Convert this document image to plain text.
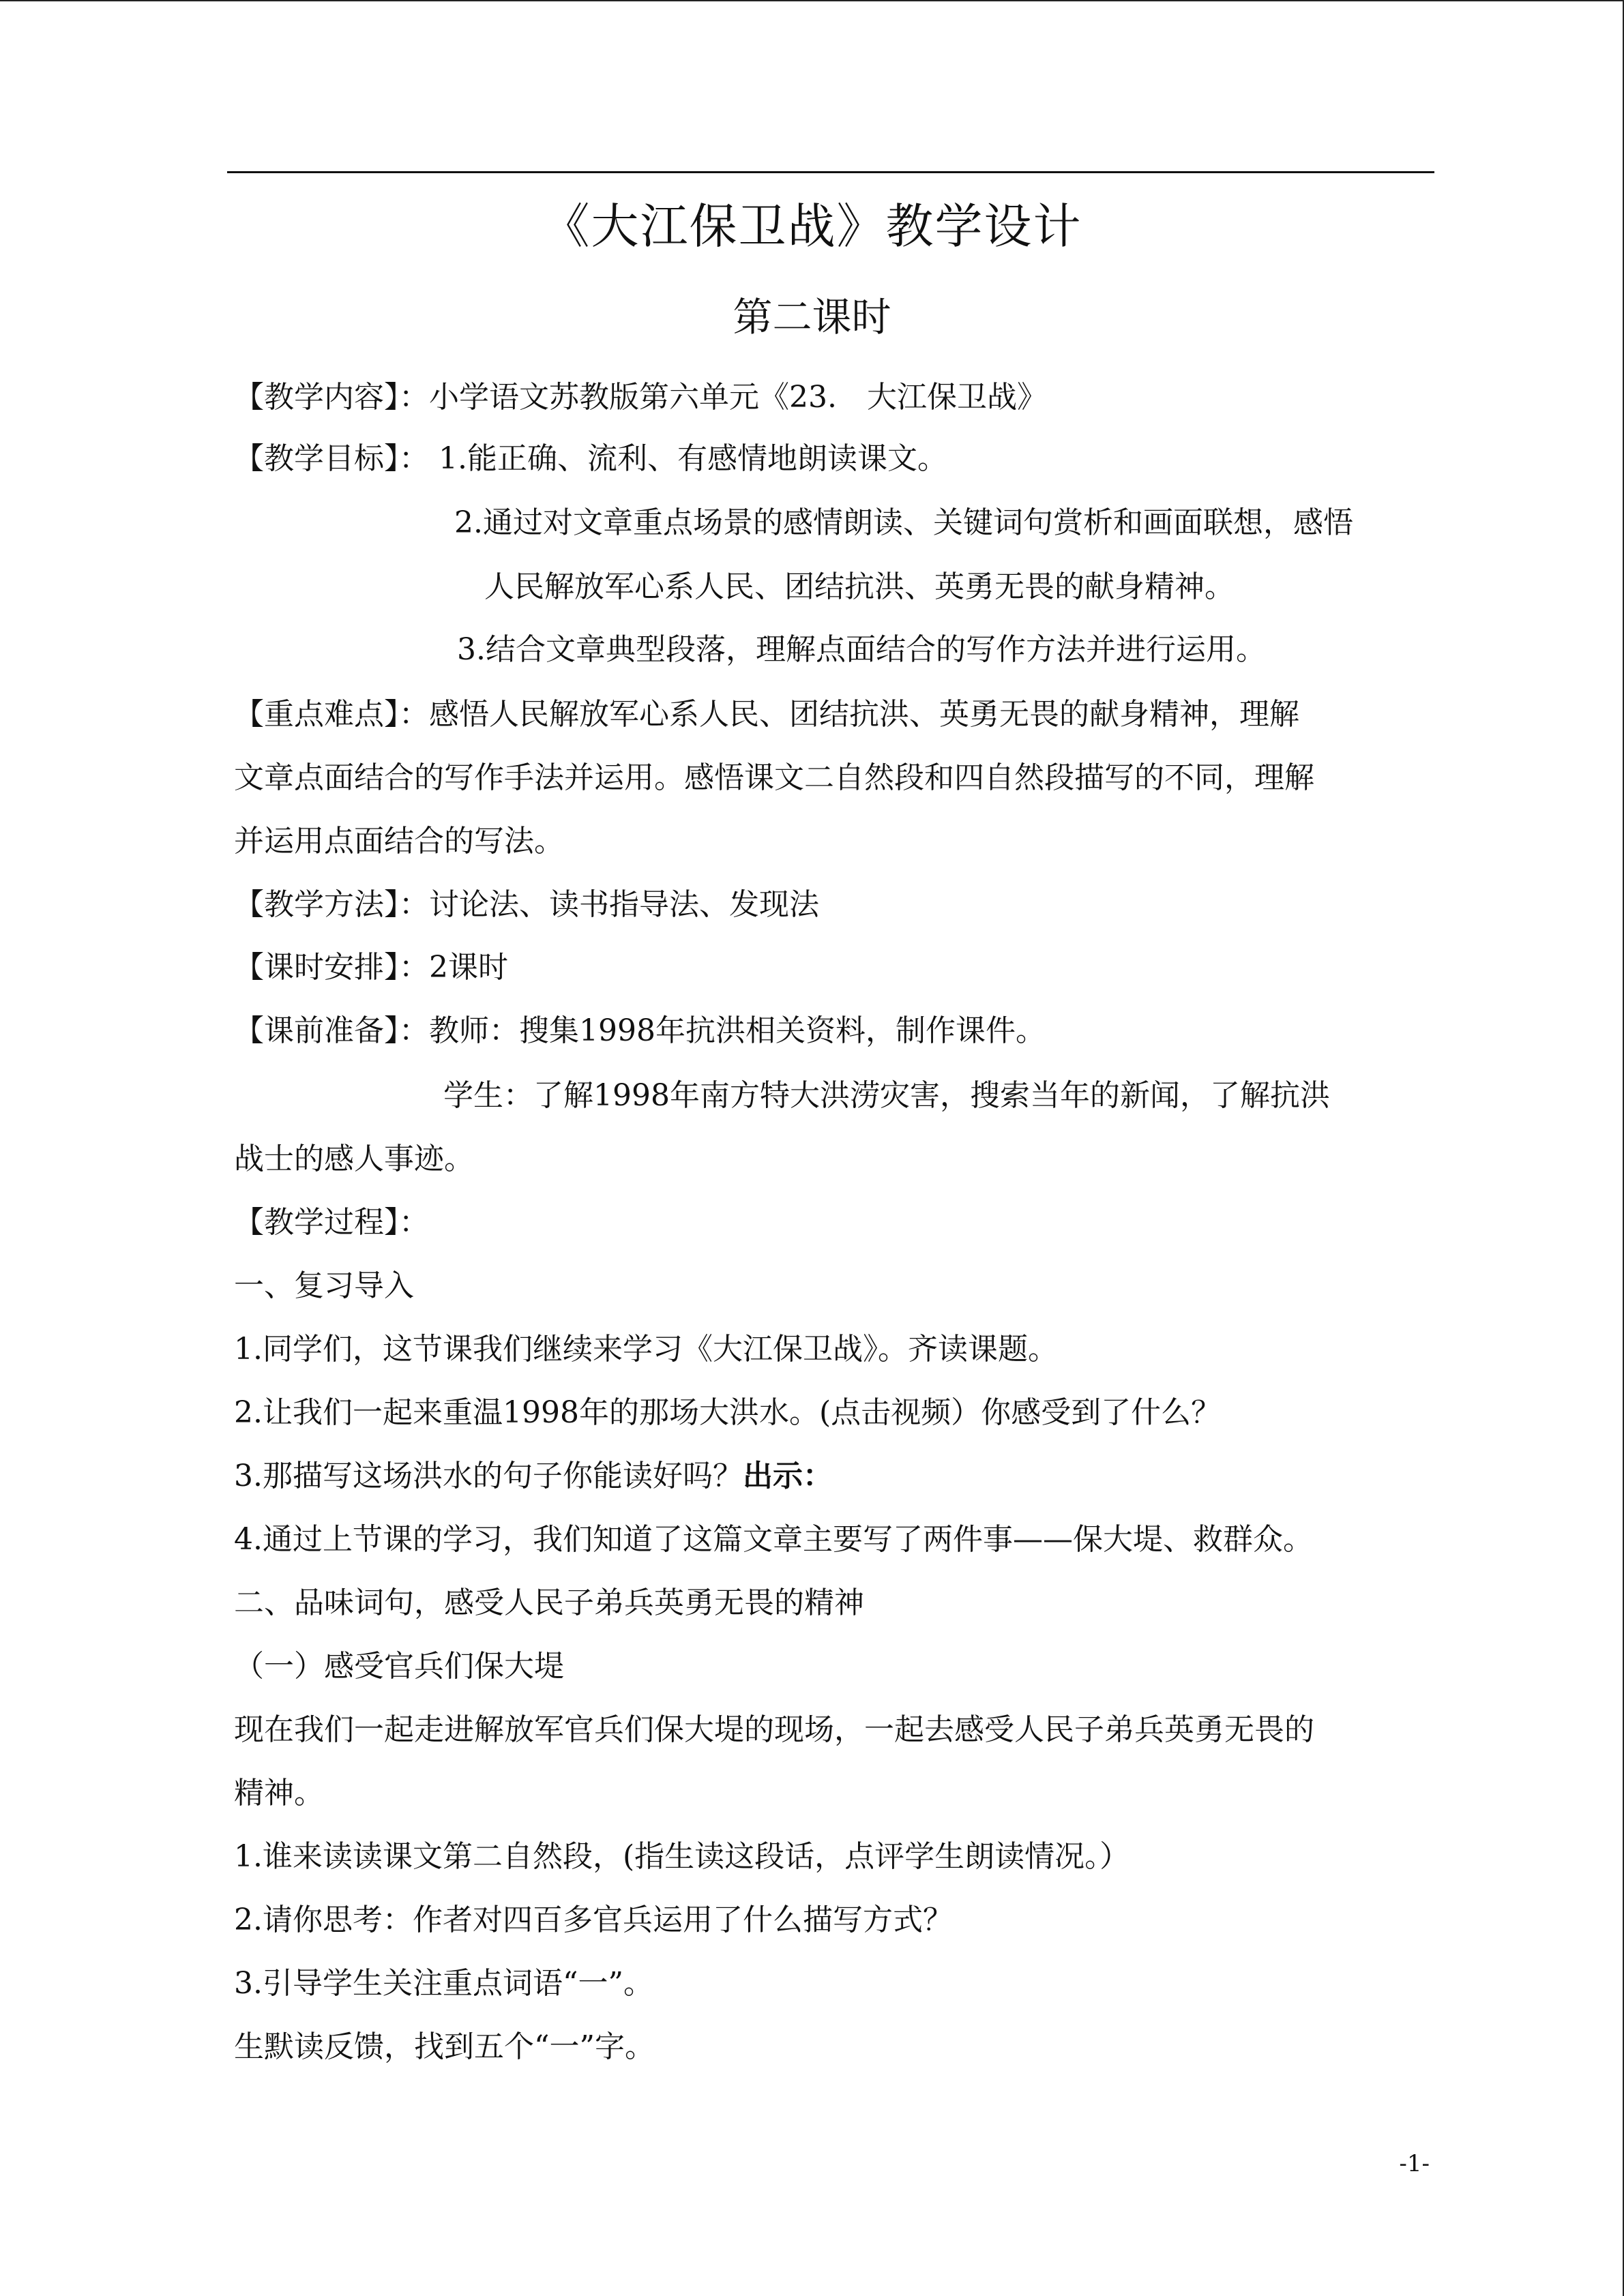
《大江保卫战》教学设计
第二课时
【教学内容】：小学语文苏教版第六单元《23.　大江保卫战》
【教学目标】： 1.能正确、流利、有感情地朗读课文。
2.通过对文章重点场景的感情朗读、关键词句赏析和画面联想，感悟
人民解放军心系人民、团结抗洪、英勇无畏的献身精神。
3.结合文章典型段落，理解点面结合的写作方法并进行运用。
【重点难点】：感悟人民解放军心系人民、团结抗洪、英勇无畏的献身精神，理解
文章点面结合的写作手法并运用。感悟课文二自然段和四自然段描写的不同，理解
并运用点面结合的写法。
【教学方法】：讨论法、读书指导法、发现法
【课时安排】：2课时
【课前准备】：教师：搜集1998年抗洪相关资料，制作课件。
学生：了解1998年南方特大洪涝灾害，搜索当年的新闻，了解抗洪
战士的感人事迹。
【教学过程】：
一、复习导入
1.同学们，这节课我们继续来学习《大江保卫战》。齐读课题。
2.让我们一起来重温1998年的那场大洪水。(点击视频）你感受到了什么？
3.那描写这场洪水的句子你能读好吗？出示：
4.通过上节课的学习，我们知道了这篇文章主要写了两件事——保大堤、救群众。
二、品味词句，感受人民子弟兵英勇无畏的精神
（一）感受官兵们保大堤
现在我们一起走进解放军官兵们保大堤的现场，一起去感受人民子弟兵英勇无畏的
精神。
1.谁来读读课文第二自然段，(指生读这段话，点评学生朗读情况。）
2.请你思考：作者对四百多官兵运用了什么描写方式？
3.引导学生关注重点词语“一”。
生默读反馈，找到五个“一”字。
-1-
